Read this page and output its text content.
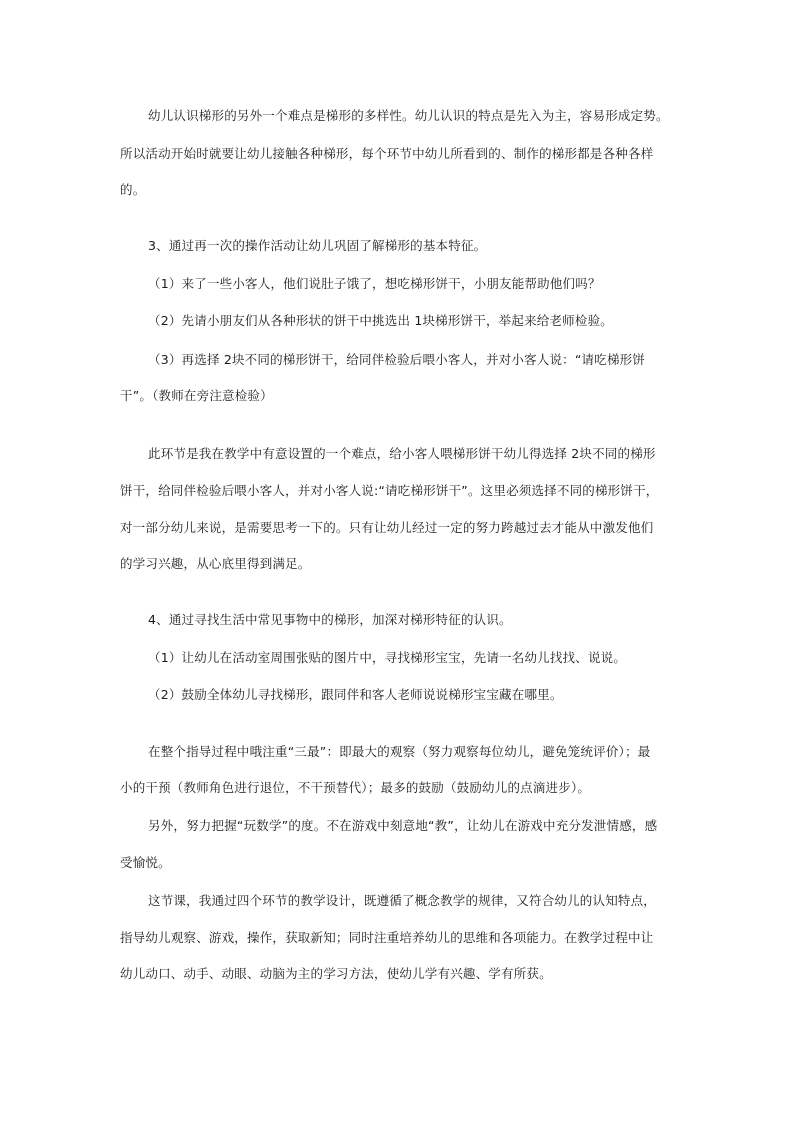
幼儿认识梯形的另外一个难点是梯形的多样性。幼儿认识的特点是先入为主，容易形成定势。
所以活动开始时就要让幼儿接触各种梯形，每个环节中幼儿所看到的、制作的梯形都是各种各样
的。
3、通过再一次的操作活动让幼儿巩固了解梯形的基本特征。
（1）来了一些小客人，他们说肚子饿了，想吃梯形饼干，小朋友能帮助他们吗？
（2）先请小朋友们从各种形状的饼干中挑选出 1块梯形饼干，举起来给老师检验。
（3）再选择 2块不同的梯形饼干，给同伴检验后喂小客人，并对小客人说：“请吃梯形饼
干”。（教师在旁注意检验）
此环节是我在教学中有意设置的一个难点，给小客人喂梯形饼干幼儿得选择 2块不同的梯形
饼干，给同伴检验后喂小客人，并对小客人说:“请吃梯形饼干”。这里必须选择不同的梯形饼干，
对一部分幼儿来说，是需要思考一下的。只有让幼儿经过一定的努力跨越过去才能从中激发他们
的学习兴趣，从心底里得到满足。
4、通过寻找生活中常见事物中的梯形，加深对梯形特征的认识。
（1）让幼儿在活动室周围张贴的图片中，寻找梯形宝宝，先请一名幼儿找找、说说。
（2）鼓励全体幼儿寻找梯形，跟同伴和客人老师说说梯形宝宝藏在哪里。
在整个指导过程中哦注重“三最”：即最大的观察（努力观察每位幼儿，避免笼统评价）；最
小的干预（教师角色进行退位，不干预替代）；最多的鼓励（鼓励幼儿的点滴进步）。
另外，努力把握“玩数学”的度。不在游戏中刻意地“教”，让幼儿在游戏中充分发泄情感，感
受愉悦。
这节课，我通过四个环节的教学设计，既遵循了概念教学的规律，又符合幼儿的认知特点，
指导幼儿观察、游戏，操作，获取新知；同时注重培养幼儿的思维和各项能力。在教学过程中让
幼儿动口、动手、动眼、动脑为主的学习方法，使幼儿学有兴趣、学有所获。
